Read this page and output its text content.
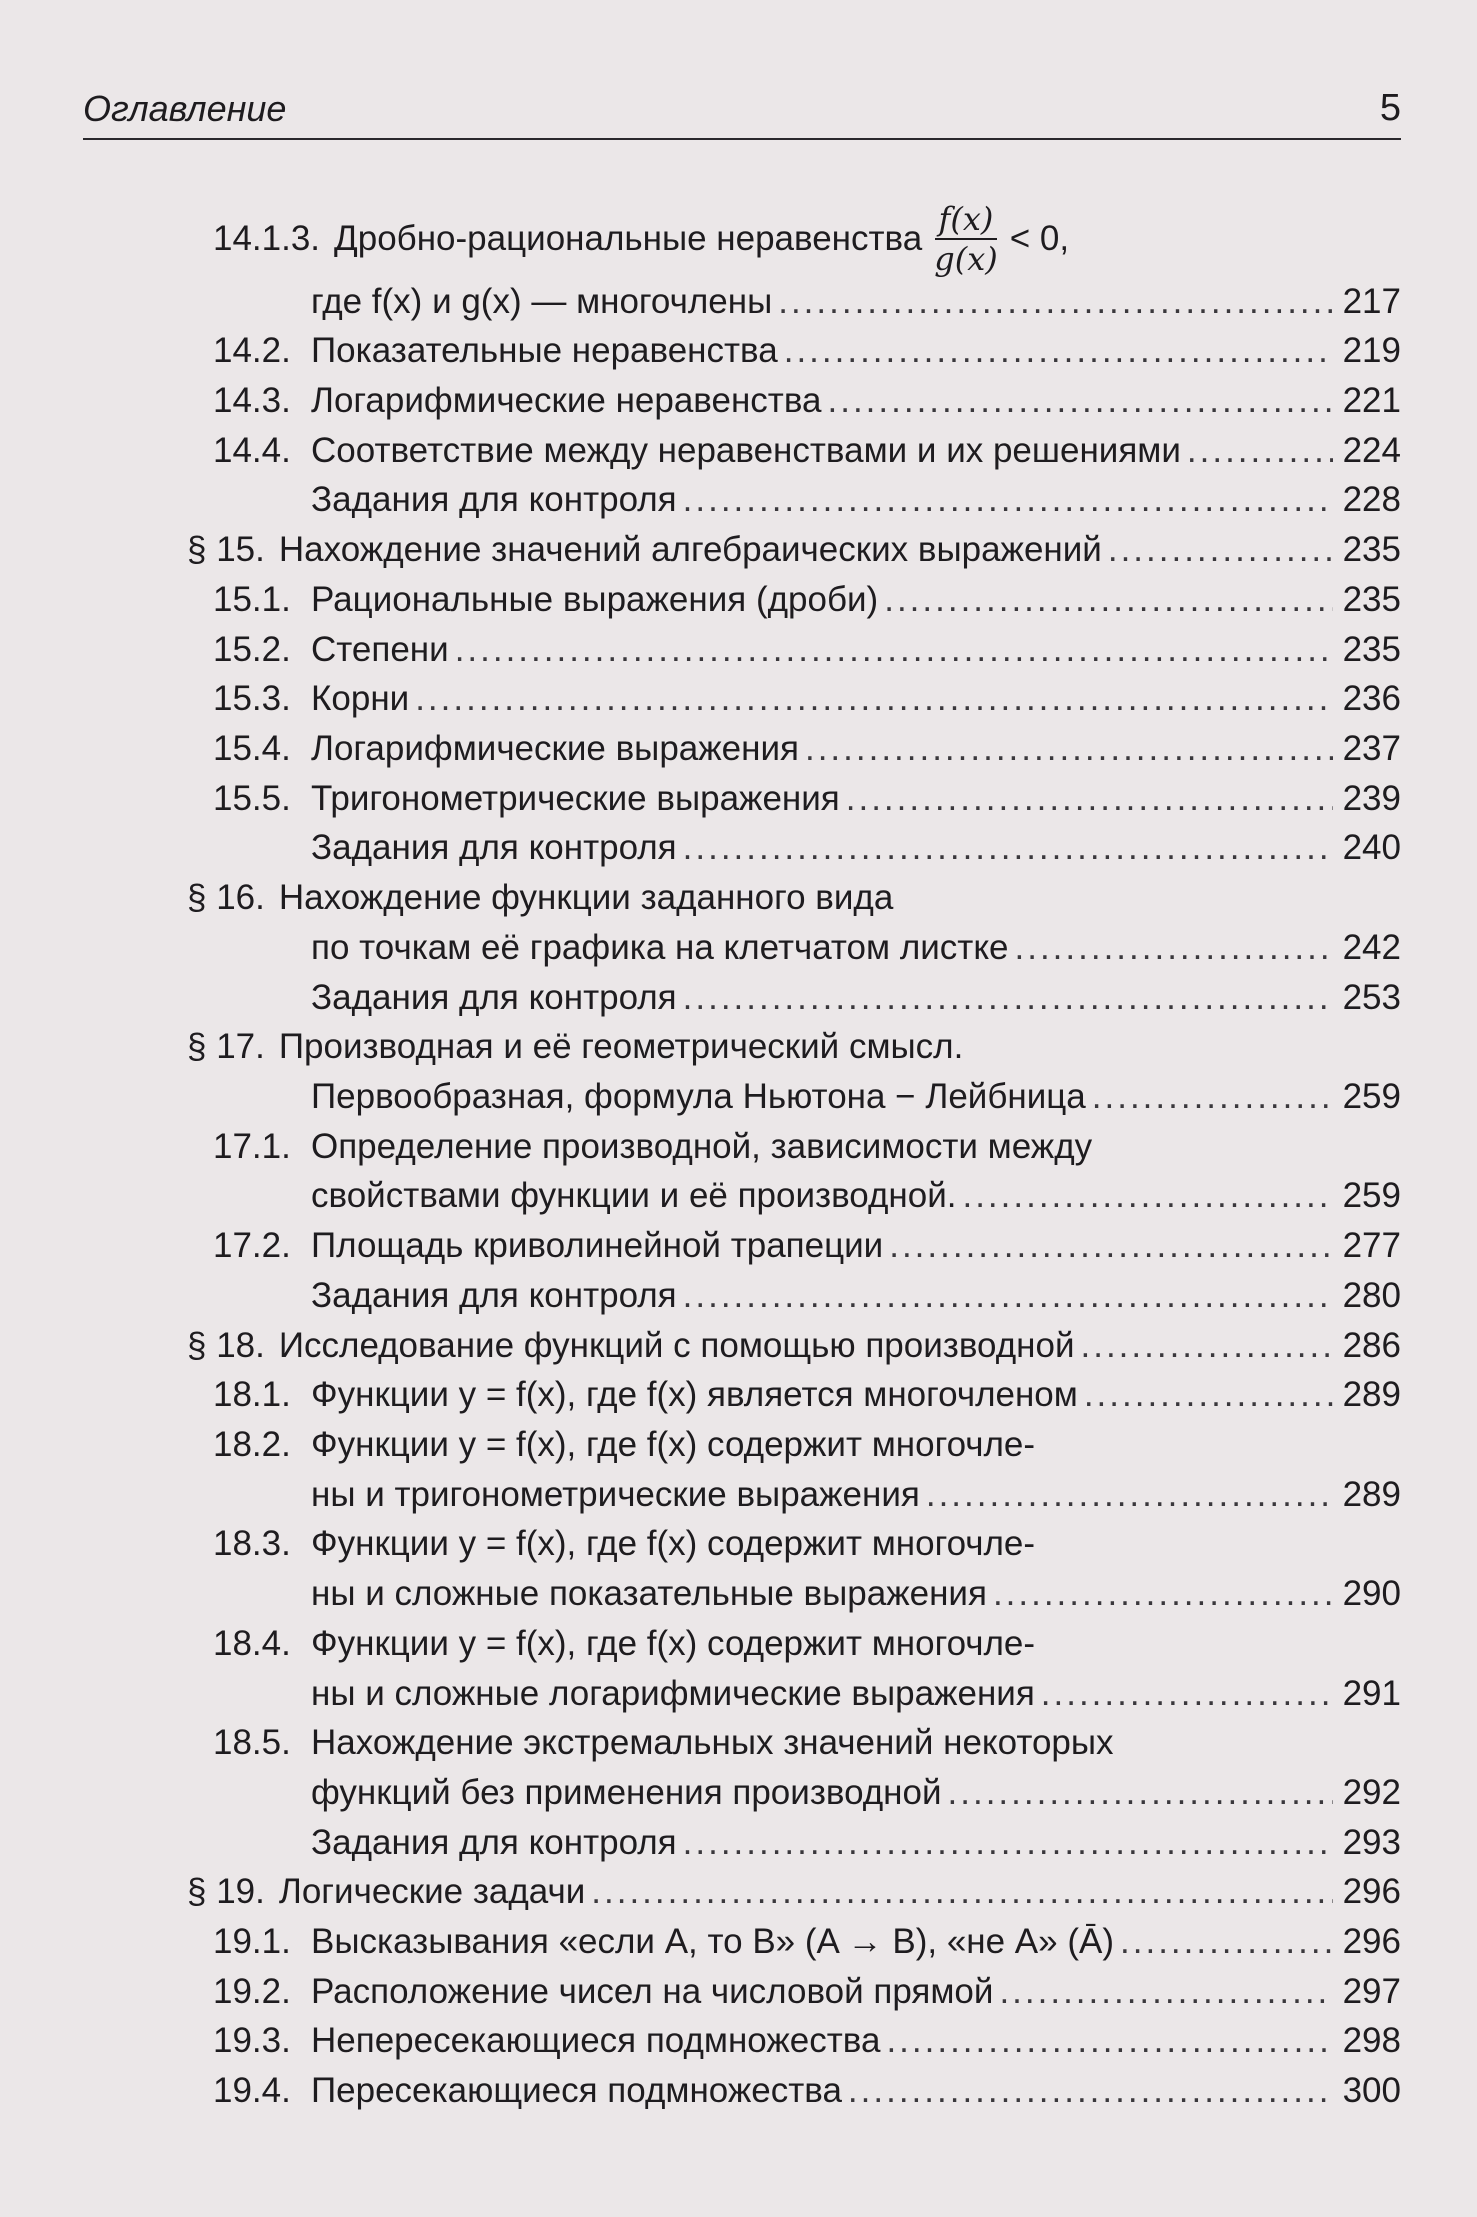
Оглавление	5
14.1.3. Дробно-рациональные неравенства $\frac{f(x)}{g(x)} < 0$,
где f(x) и g(x) — многочлены .....	217
14.2. Показательные неравенства .....	219
14.3. Логарифмические неравенства .....	221
14.4. Соответствие между неравенствами и их решениями .....	224
Задания для контроля .....	228
§ 15. Нахождение значений алгебраических выражений .....	235
15.1. Рациональные выражения (дроби) .....	235
15.2. Степени .....	235
15.3. Корни .....	236
15.4. Логарифмические выражения .....	237
15.5. Тригонометрические выражения .....	239
Задания для контроля .....	240
§ 16. Нахождение функции заданного вида
по точкам её графика на клетчатом листке .....	242
Задания для контроля .....	253
§ 17. Производная и её геометрический смысл.
Первообразная, формула Ньютона − Лейбница .....	259
17.1. Определение производной, зависимости между
свойствами функции и её производной. .....	259
17.2. Площадь криволинейной трапеции .....	277
Задания для контроля .....	280
§ 18. Исследование функций с помощью производной .....	286
18.1. Функции y = f(x), где f(x) является многочленом .....	289
18.2. Функции y = f(x), где f(x) содержит многочле-
ны и тригонометрические выражения .....	289
18.3. Функции y = f(x), где f(x) содержит многочле-
ны и сложные показательные выражения .....	290
18.4. Функции y = f(x), где f(x) содержит многочле-
ны и сложные логарифмические выражения .....	291
18.5. Нахождение экстремальных значений некоторых
функций без применения производной .....	292
Задания для контроля .....	293
§ 19. Логические задачи .....	296
19.1. Высказывания «если A, то B» (A → B), «не A» (Ā) .....	296
19.2. Расположение чисел на числовой прямой .....	297
19.3. Непересекающиеся подмножества .....	298
19.4. Пересекающиеся подмножества .....	300
